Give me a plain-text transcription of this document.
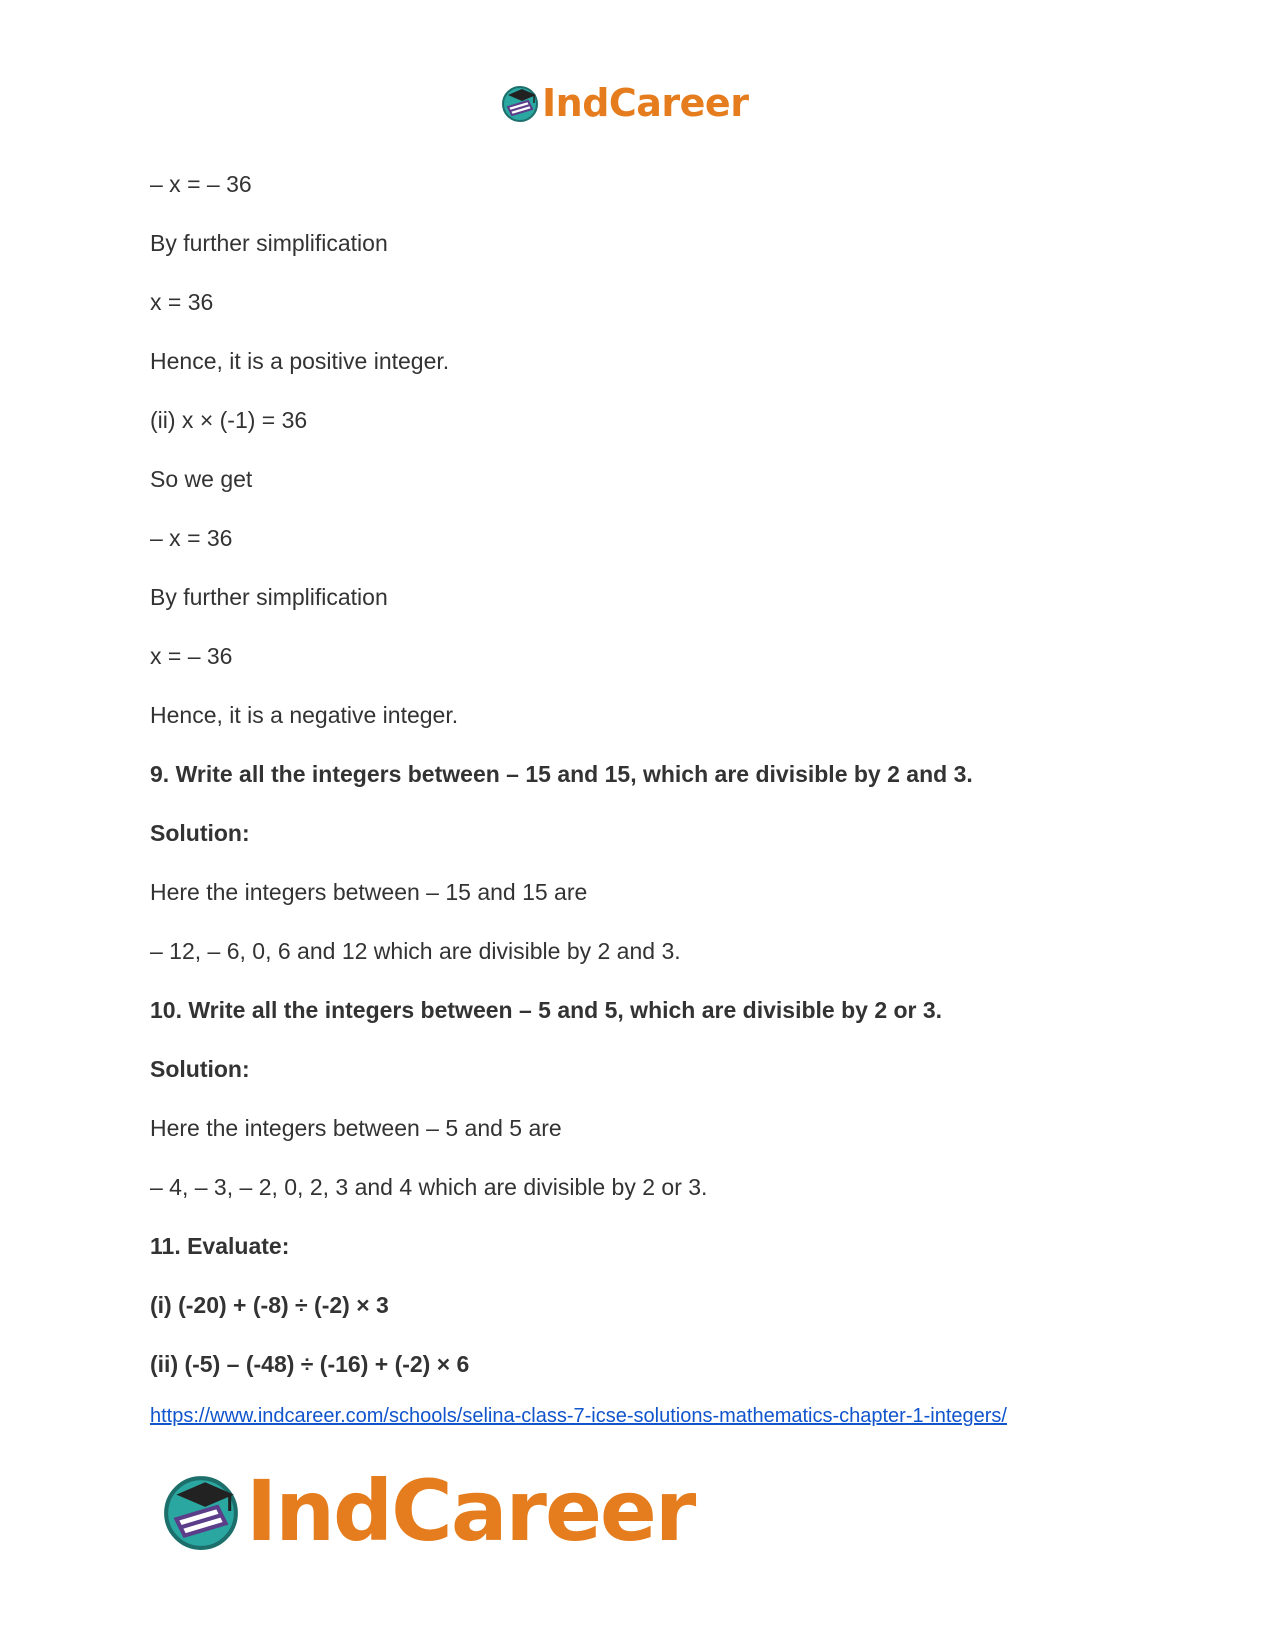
IndCareer
– x = – 36
By further simplification
x = 36
Hence, it is a positive integer.
(ii) x × (-1) = 36
So we get
– x = 36
By further simplification
x = – 36
Hence, it is a negative integer.
9. Write all the integers between – 15 and 15, which are divisible by 2 and 3.
Solution:
Here the integers between – 15 and 15 are
– 12, – 6, 0, 6 and 12 which are divisible by 2 and 3.
10. Write all the integers between – 5 and 5, which are divisible by 2 or 3.
Solution:
Here the integers between – 5 and 5 are
– 4, – 3, – 2, 0, 2, 3 and 4 which are divisible by 2 or 3.
11. Evaluate:
(i) (-20) + (-8) ÷ (-2) × 3
(ii) (-5) – (-48) ÷ (-16) + (-2) × 6
https://www.indcareer.com/schools/selina-class-7-icse-solutions-mathematics-chapter-1-integers/
IndCareer
